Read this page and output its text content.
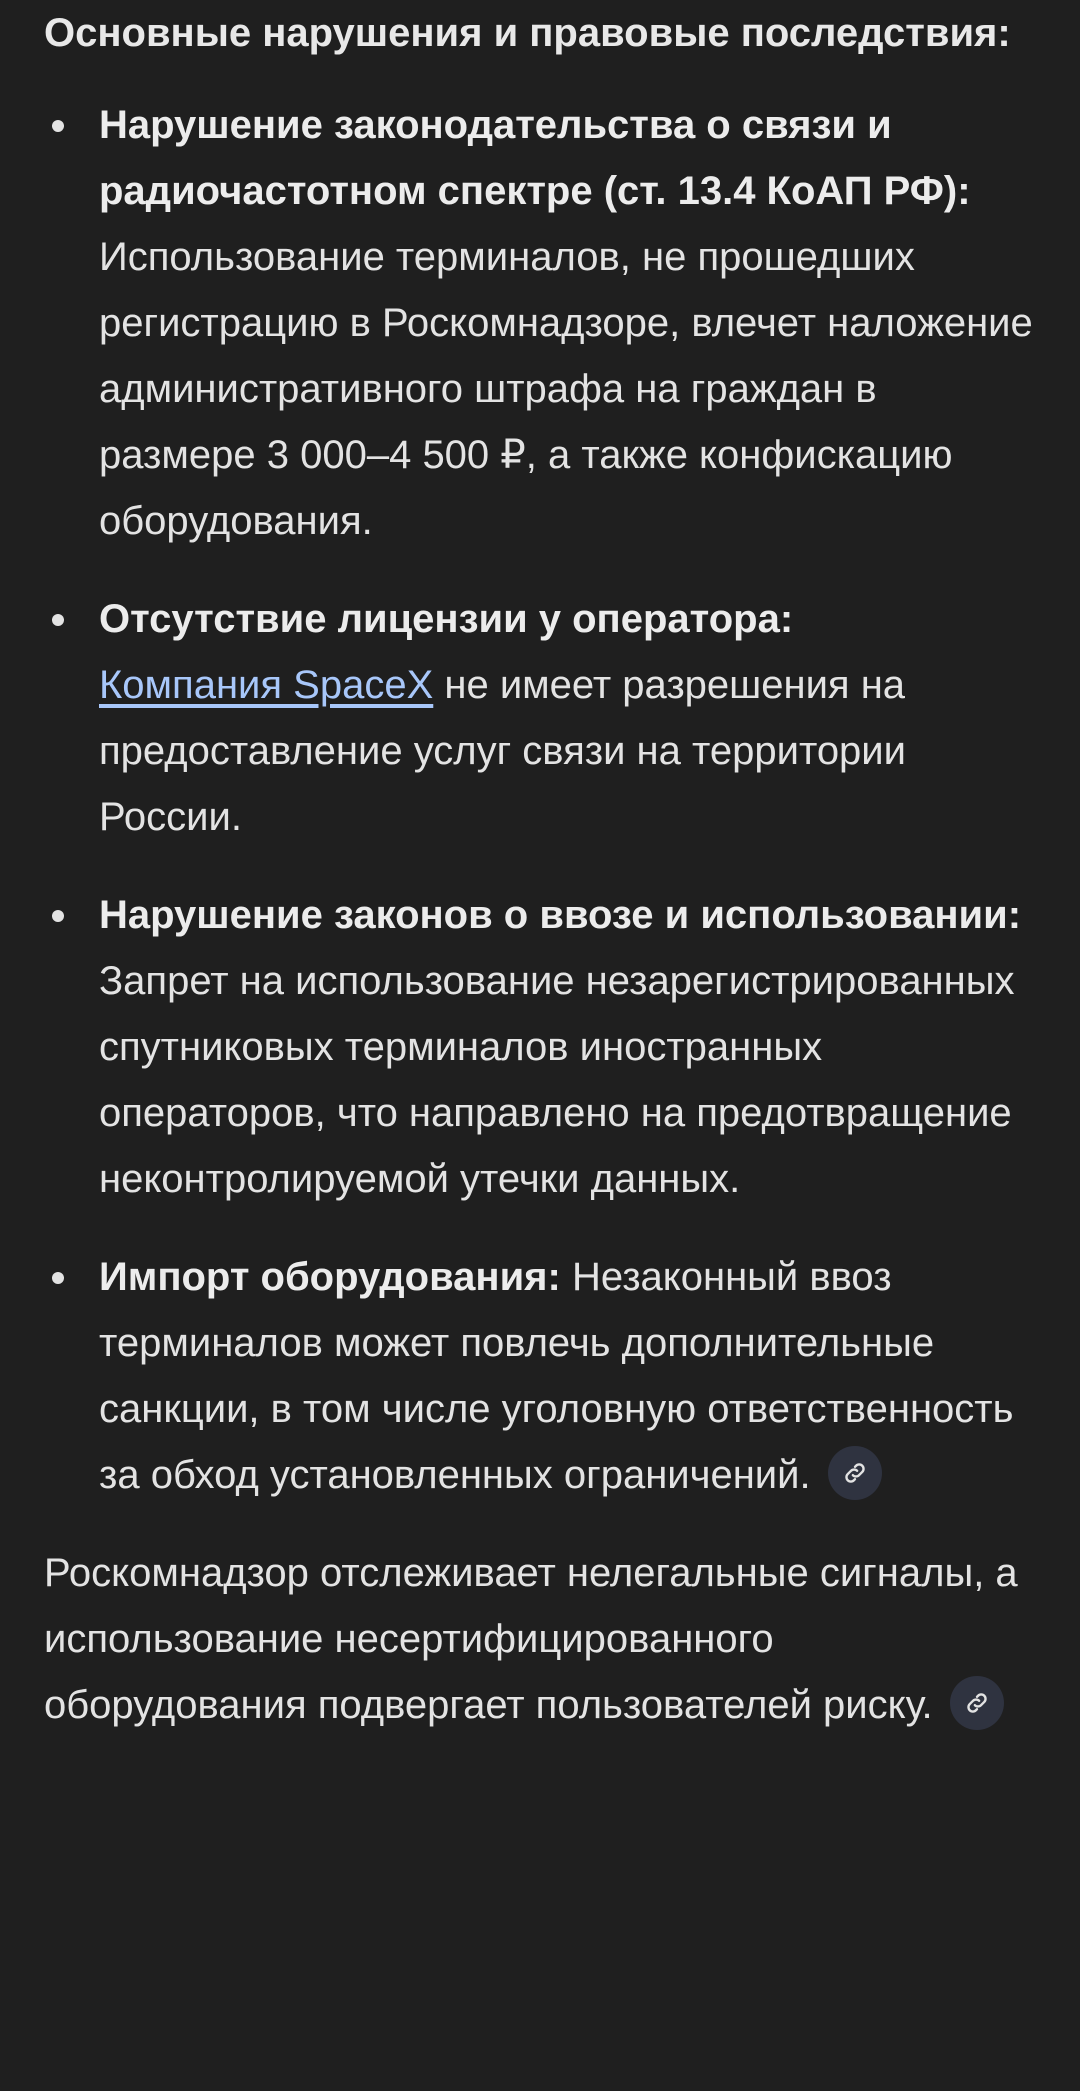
Основные нарушения и правовые последствия:

Нарушение законодательства о связи и радиочастотном спектре (ст. 13.4 КоАП РФ): Использование терминалов, не прошедших регистрацию в Роскомнадзоре, влечет наложение административного штрафа на граждан в размере 3 000–4 500 ₽, а также конфискацию оборудования.
Отсутствие лицензии у оператора:
Компания SpaceX не имеет разрешения на предоставление услуг связи на территории России.
Нарушение законов о ввозе и использовании: Запрет на использование незарегистрированных спутниковых терминалов иностранных операторов, что направлено на предотвращение неконтролируемой утечки данных.
Импорт оборудования: Незаконный ввоз терминалов может повлечь дополнительные санкции, в том числе уголовную ответственность за обход установленных ограничений.

Роскомнадзор отслеживает нелегальные сигналы, а использование несертифицированного оборудования подвергает пользователей риску.
